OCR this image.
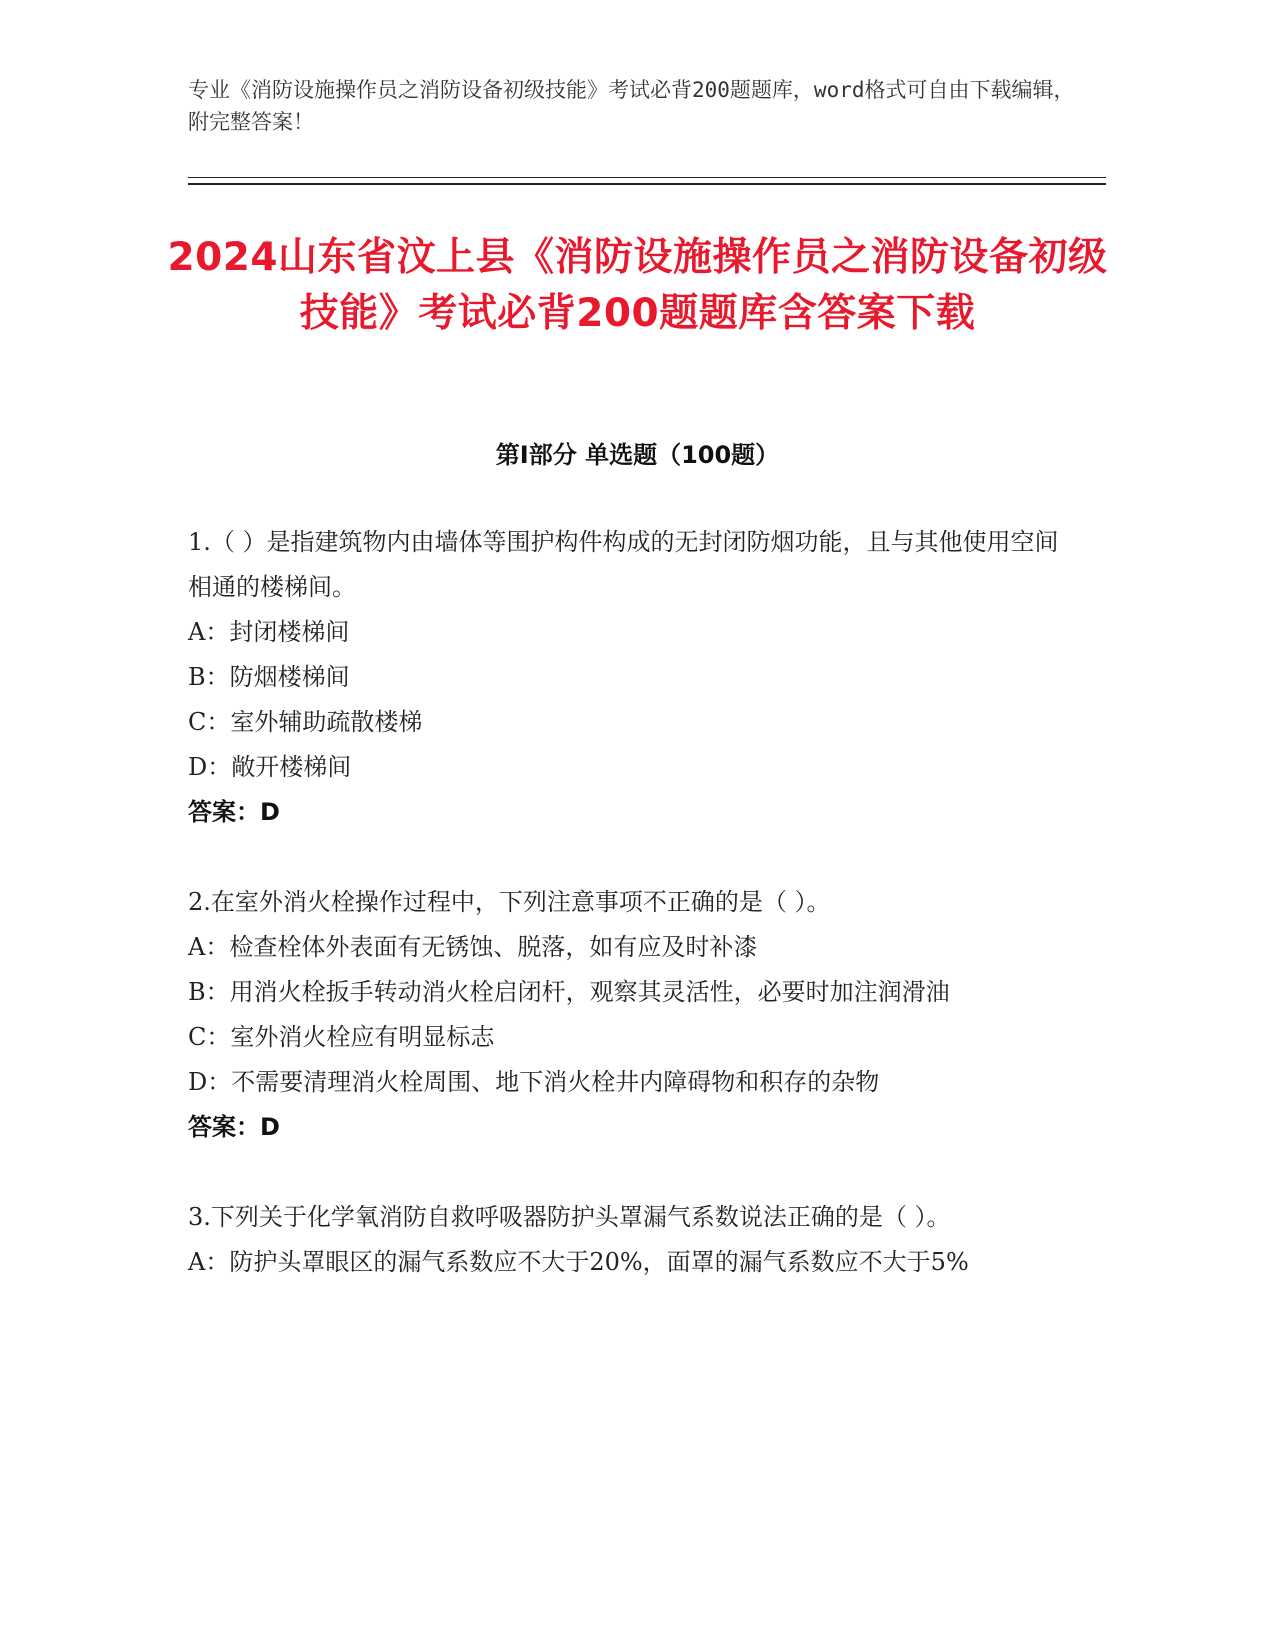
专业《消防设施操作员之消防设备初级技能》考试必背200题题库，word格式可自由下载编辑，附完整答案！
2024山东省汶上县《消防设施操作员之消防设备初级技能》考试必背200题题库含答案下载
第I部分 单选题（100题）

1.（ ）是指建筑物内由墙体等围护构件构成的无封闭防烟功能，且与其他使用空间相通的楼梯间。

A：封闭楼梯间

B：防烟楼梯间

C：室外辅助疏散楼梯

D：敞开楼梯间

答案：D

2.在室外消火栓操作过程中，下列注意事项不正确的是（ ）。

A：检查栓体外表面有无锈蚀、脱落，如有应及时补漆

B：用消火栓扳手转动消火栓启闭杆，观察其灵活性，必要时加注润滑油

C：室外消火栓应有明显标志

D：不需要清理消火栓周围、地下消火栓井内障碍物和积存的杂物

答案：D

3.下列关于化学氧消防自救呼吸器防护头罩漏气系数说法正确的是（ ）。

A：防护头罩眼区的漏气系数应不大于20%，面罩的漏气系数应不大于5%
